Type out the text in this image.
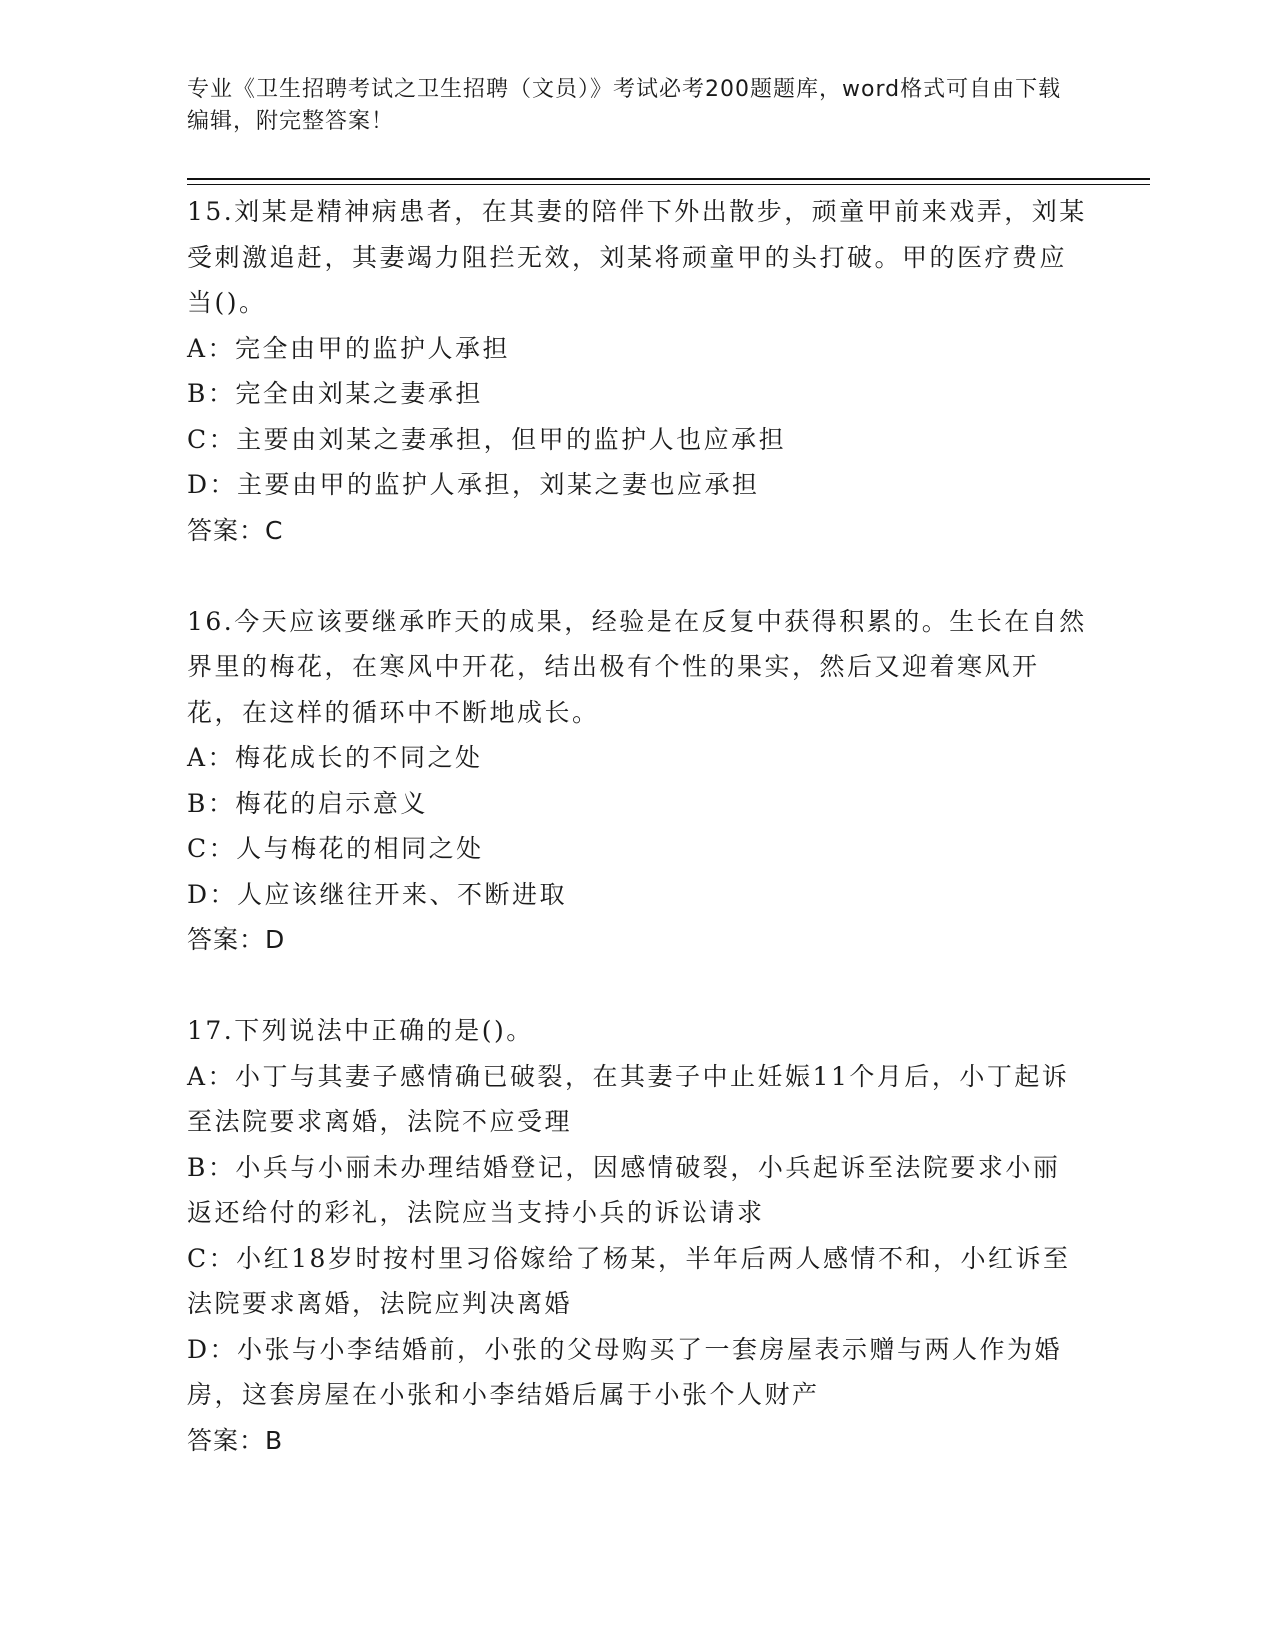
专业《卫生招聘考试之卫生招聘（文员）》考试必考200题题库，word格式可自由下载编辑，附完整答案！

15.刘某是精神病患者，在其妻的陪伴下外出散步，顽童甲前来戏弄，刘某受刺激追赶，其妻竭力阻拦无效，刘某将顽童甲的头打破。甲的医疗费应当()。

A：完全由甲的监护人承担

B：完全由刘某之妻承担

C：主要由刘某之妻承担，但甲的监护人也应承担

D：主要由甲的监护人承担，刘某之妻也应承担

答案：C

16.今天应该要继承昨天的成果，经验是在反复中获得积累的。生长在自然界里的梅花，在寒风中开花，结出极有个性的果实，然后又迎着寒风开花，在这样的循环中不断地成长。

A：梅花成长的不同之处

B：梅花的启示意义

C：人与梅花的相同之处

D：人应该继往开来、不断进取

答案：D

17.下列说法中正确的是()。

A：小丁与其妻子感情确已破裂，在其妻子中止妊娠11个月后，小丁起诉至法院要求离婚，法院不应受理

B：小兵与小丽未办理结婚登记，因感情破裂，小兵起诉至法院要求小丽返还给付的彩礼，法院应当支持小兵的诉讼请求

C：小红18岁时按村里习俗嫁给了杨某，半年后两人感情不和，小红诉至法院要求离婚，法院应判决离婚

D：小张与小李结婚前，小张的父母购买了一套房屋表示赠与两人作为婚房，这套房屋在小张和小李结婚后属于小张个人财产

答案：B
